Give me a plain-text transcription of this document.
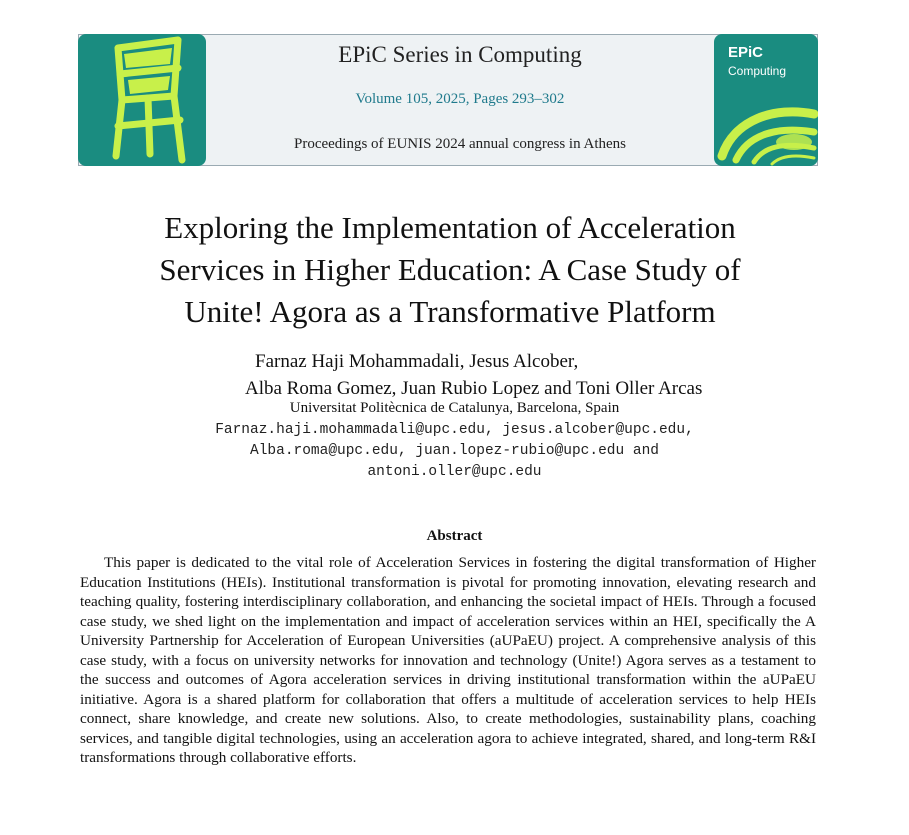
EPiC
Computing
EPiC Series in Computing
Volume 105, 2025, Pages 293–302
Proceedings of EUNIS 2024 annual congress in Athens
Exploring the Implementation of Acceleration
Services in Higher Education: A Case Study of
Unite! Agora as a Transformative Platform
Farnaz Haji Mohammadali, Jesus Alcober,
Alba Roma Gomez, Juan Rubio Lopez and Toni Oller Arcas
Universitat Politècnica de Catalunya, Barcelona, Spain
Farnaz.haji.mohammadali@upc.edu, jesus.alcober@upc.edu,
Alba.roma@upc.edu, juan.lopez-rubio@upc.edu and
antoni.oller@upc.edu
Abstract
This paper is dedicated to the vital role of Acceleration Services in fostering the digital transformation of Higher Education Institutions (HEIs). Institutional transformation is pivotal for promoting innovation, elevating research and teaching quality, fostering interdisciplinary collaboration, and enhancing the societal impact of HEIs. Through a focused case study, we shed light on the implementation and impact of acceleration services within an HEI, specifically the A University Partnership for Acceleration of European Universities (aUPaEU) project. A comprehensive analysis of this case study, with a focus on university networks for innovation and technology (Unite!) Agora serves as a testament to the success and outcomes of Agora acceleration services in driving institutional transformation within the aUPaEU initiative. Agora is a shared platform for collaboration that offers a multitude of acceleration services to help HEIs connect, share knowledge, and create new solutions. Also, to create methodologies, sustainability plans, coaching services, and tangible digital technologies, using an acceleration agora to achieve integrated, shared, and long-term R&I transformations through collaborative efforts.
